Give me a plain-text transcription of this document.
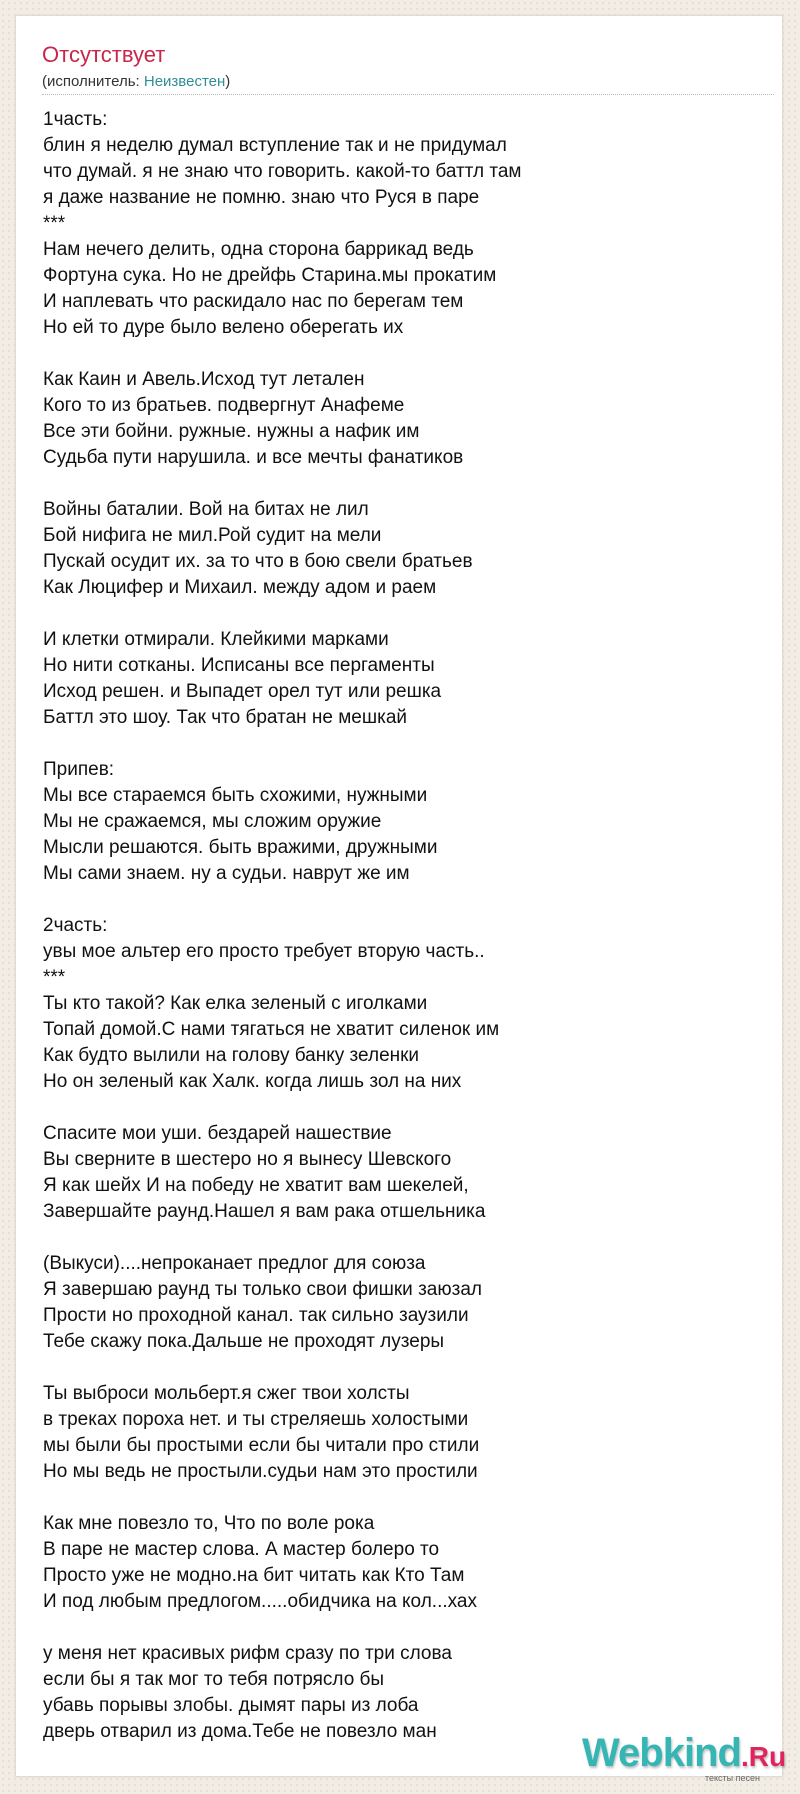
Отсутствует
(исполнитель: Неизвестен)
1часть:
блин я неделю думал вступление так и не придумал
что думай. я не знаю что говорить. какой-то баттл там
я даже название не помню. знаю что Руся в паре
***
Нам нечего делить, одна сторона баррикад ведь
Фортуна сука. Но не дрейфь Старина.мы прокатим
И наплевать что раскидало нас по берегам тем
Но ей то дуре было велено оберегать их
Как Каин и Авель.Исход тут летален
Кого то из братьев. подвергнут Анафеме
Все эти бойни. ружные. нужны а нафик им
Судьба пути нарушила. и все мечты фанатиков
Войны баталии. Вой на битах не лил
Бой нифига не мил.Рой судит на мели
Пускай осудит их. за то что в бою свели братьев
Как Люцифер и Михаил. между адом и раем
И клетки отмирали. Клейкими марками
Но нити сотканы. Исписаны все пергаменты
Исход решен. и Выпадет орел тут или решка
Баттл это шоу. Так что братан не мешкай
Припев:
Мы все стараемся быть схожими, нужными
Мы не сражаемся, мы сложим оружие
Мысли решаются. быть вражими, дружными
Мы сами знаем. ну а судьи. наврут же им
2часть:
увы мое альтер его просто требует вторую часть..
***
Ты кто такой? Как елка зеленый с иголками
Топай домой.С нами тягаться не хватит силенок им
Как будто вылили на голову банку зеленки
Но он зеленый как Халк. когда лишь зол на них
Спасите мои уши. бездарей нашествие
Вы сверните в шестеро но я вынесу Шевского
Я как шейх И на победу не хватит вам шекелей,
Завершайте раунд.Нашел я вам рака отшельника
(Выкуси)....непроканает предлог для союза
Я завершаю раунд ты только свои фишки заюзал
Прости но проходной канал. так сильно заузили
Тебе скажу пока.Дальше не проходят лузеры
Ты выброси мольберт.я сжег твои холсты
в треках пороха нет. и ты стреляешь холостыми
мы были бы простыми если бы читали про стили
Но мы ведь не простыли.судьи нам это простили
Как мне повезло то, Что по воле рока
В паре не мастер слова. А мастер болеро то
Просто уже не модно.на бит читать как Кто Там
И под любым предлогом.....обидчика на кол...хах
у меня нет красивых рифм сразу по три слова
если бы я так мог то тебя потрясло бы
убавь порывы злобы. дымят пары из лоба
дверь отварил из дома.Тебе не повезло ман	Webkind.Ru
тексты песен
